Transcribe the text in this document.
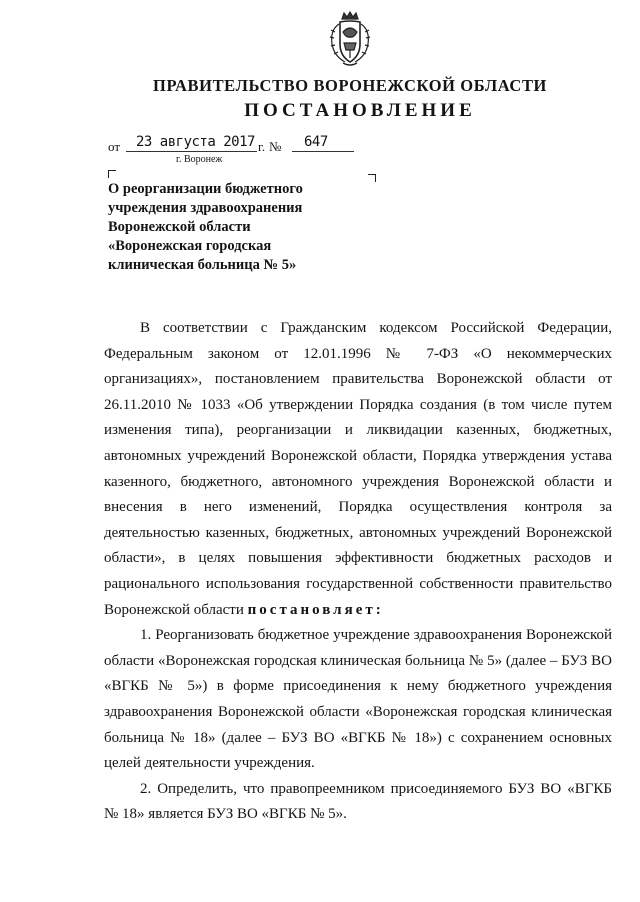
ПРАВИТЕЛЬСТВО ВОРОНЕЖСКОЙ ОБЛАСТИ
ПОСТАНОВЛЕНИЕ
от 23 августа 2017 г. № 647
г. Воронеж
О реорганизации бюджетного
учреждения здравоохранения
Воронежской области
«Воронежская городская
клиническая больница № 5»

В соответствии с Гражданским кодексом Российской Федерации, Федеральным законом от 12.01.1996 № 7-ФЗ «О некоммерческих организациях», постановлением правительства Воронежской области от 26.11.2010 № 1033 «Об утверждении Порядка создания (в том числе путем изменения типа), реорганизации и ликвидации казенных, бюджетных, автономных учреждений Воронежской области, Порядка утверждения устава казенного, бюджетного, автономного учреждения Воронежской области и внесения в него изменений, Порядка осуществления контроля за деятельностью казенных, бюджетных, автономных учреждений Воронежской области», в целях повышения эффективности бюджетных расходов и рационального использования государственной собственности правительство Воронежской области постановляет:

1. Реорганизовать бюджетное учреждение здравоохранения Воронежской области «Воронежская городская клиническая больница № 5» (далее – БУЗ ВО «ВГКБ № 5») в форме присоединения к нему бюджетного учреждения здравоохранения Воронежской области «Воронежская городская клиническая больница № 18» (далее – БУЗ ВО «ВГКБ № 18») с сохранением основных целей деятельности учреждения.

2. Определить, что правопреемником присоединяемого БУЗ ВО «ВГКБ № 18» является БУЗ ВО «ВГКБ № 5».
